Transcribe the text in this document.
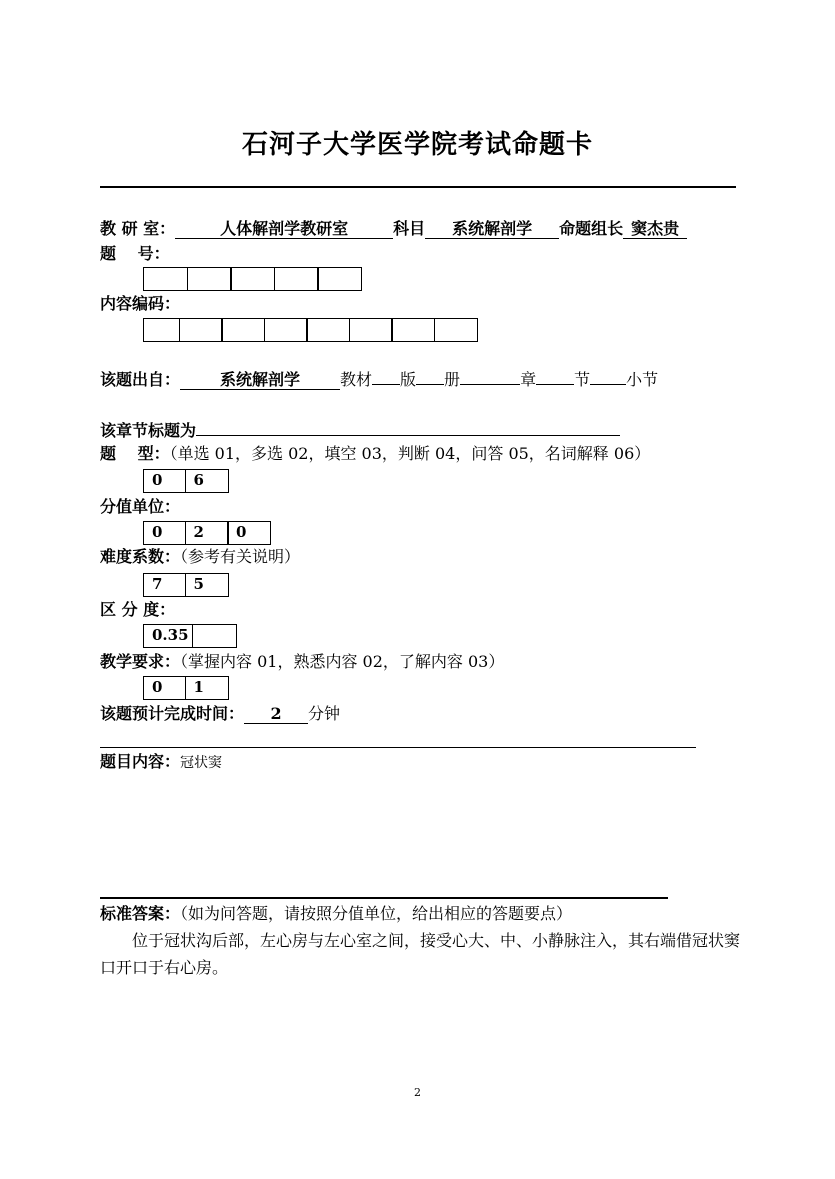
石河子大学医学院考试命题卡
教 研 室：	人体解剖学教研室	科目 系统解剖学 命题组长 窦杰贵
题　 号：
内容编码：
该题出自： 系统解剖学	教材 版 册	章 节 小节
该章节标题为
题　 型：（单选 01，多选 02，填空 03，判断 04，问答 05，名词解释 06）
0	6
分值单位：
0	2	0
难度系数：（参考有关说明）
7	5
区 分 度：
0.35
教学要求：（掌握内容 01，熟悉内容 02，了解内容 03）
0	1
该题预计完成时间： 2 分钟
题目内容：冠状窦
标准答案：（如为问答题，请按照分值单位，给出相应的答题要点）
位于冠状沟后部，左心房与左心室之间，接受心大、中、小静脉注入，其右端借冠状窦口开口于右心房。
2
